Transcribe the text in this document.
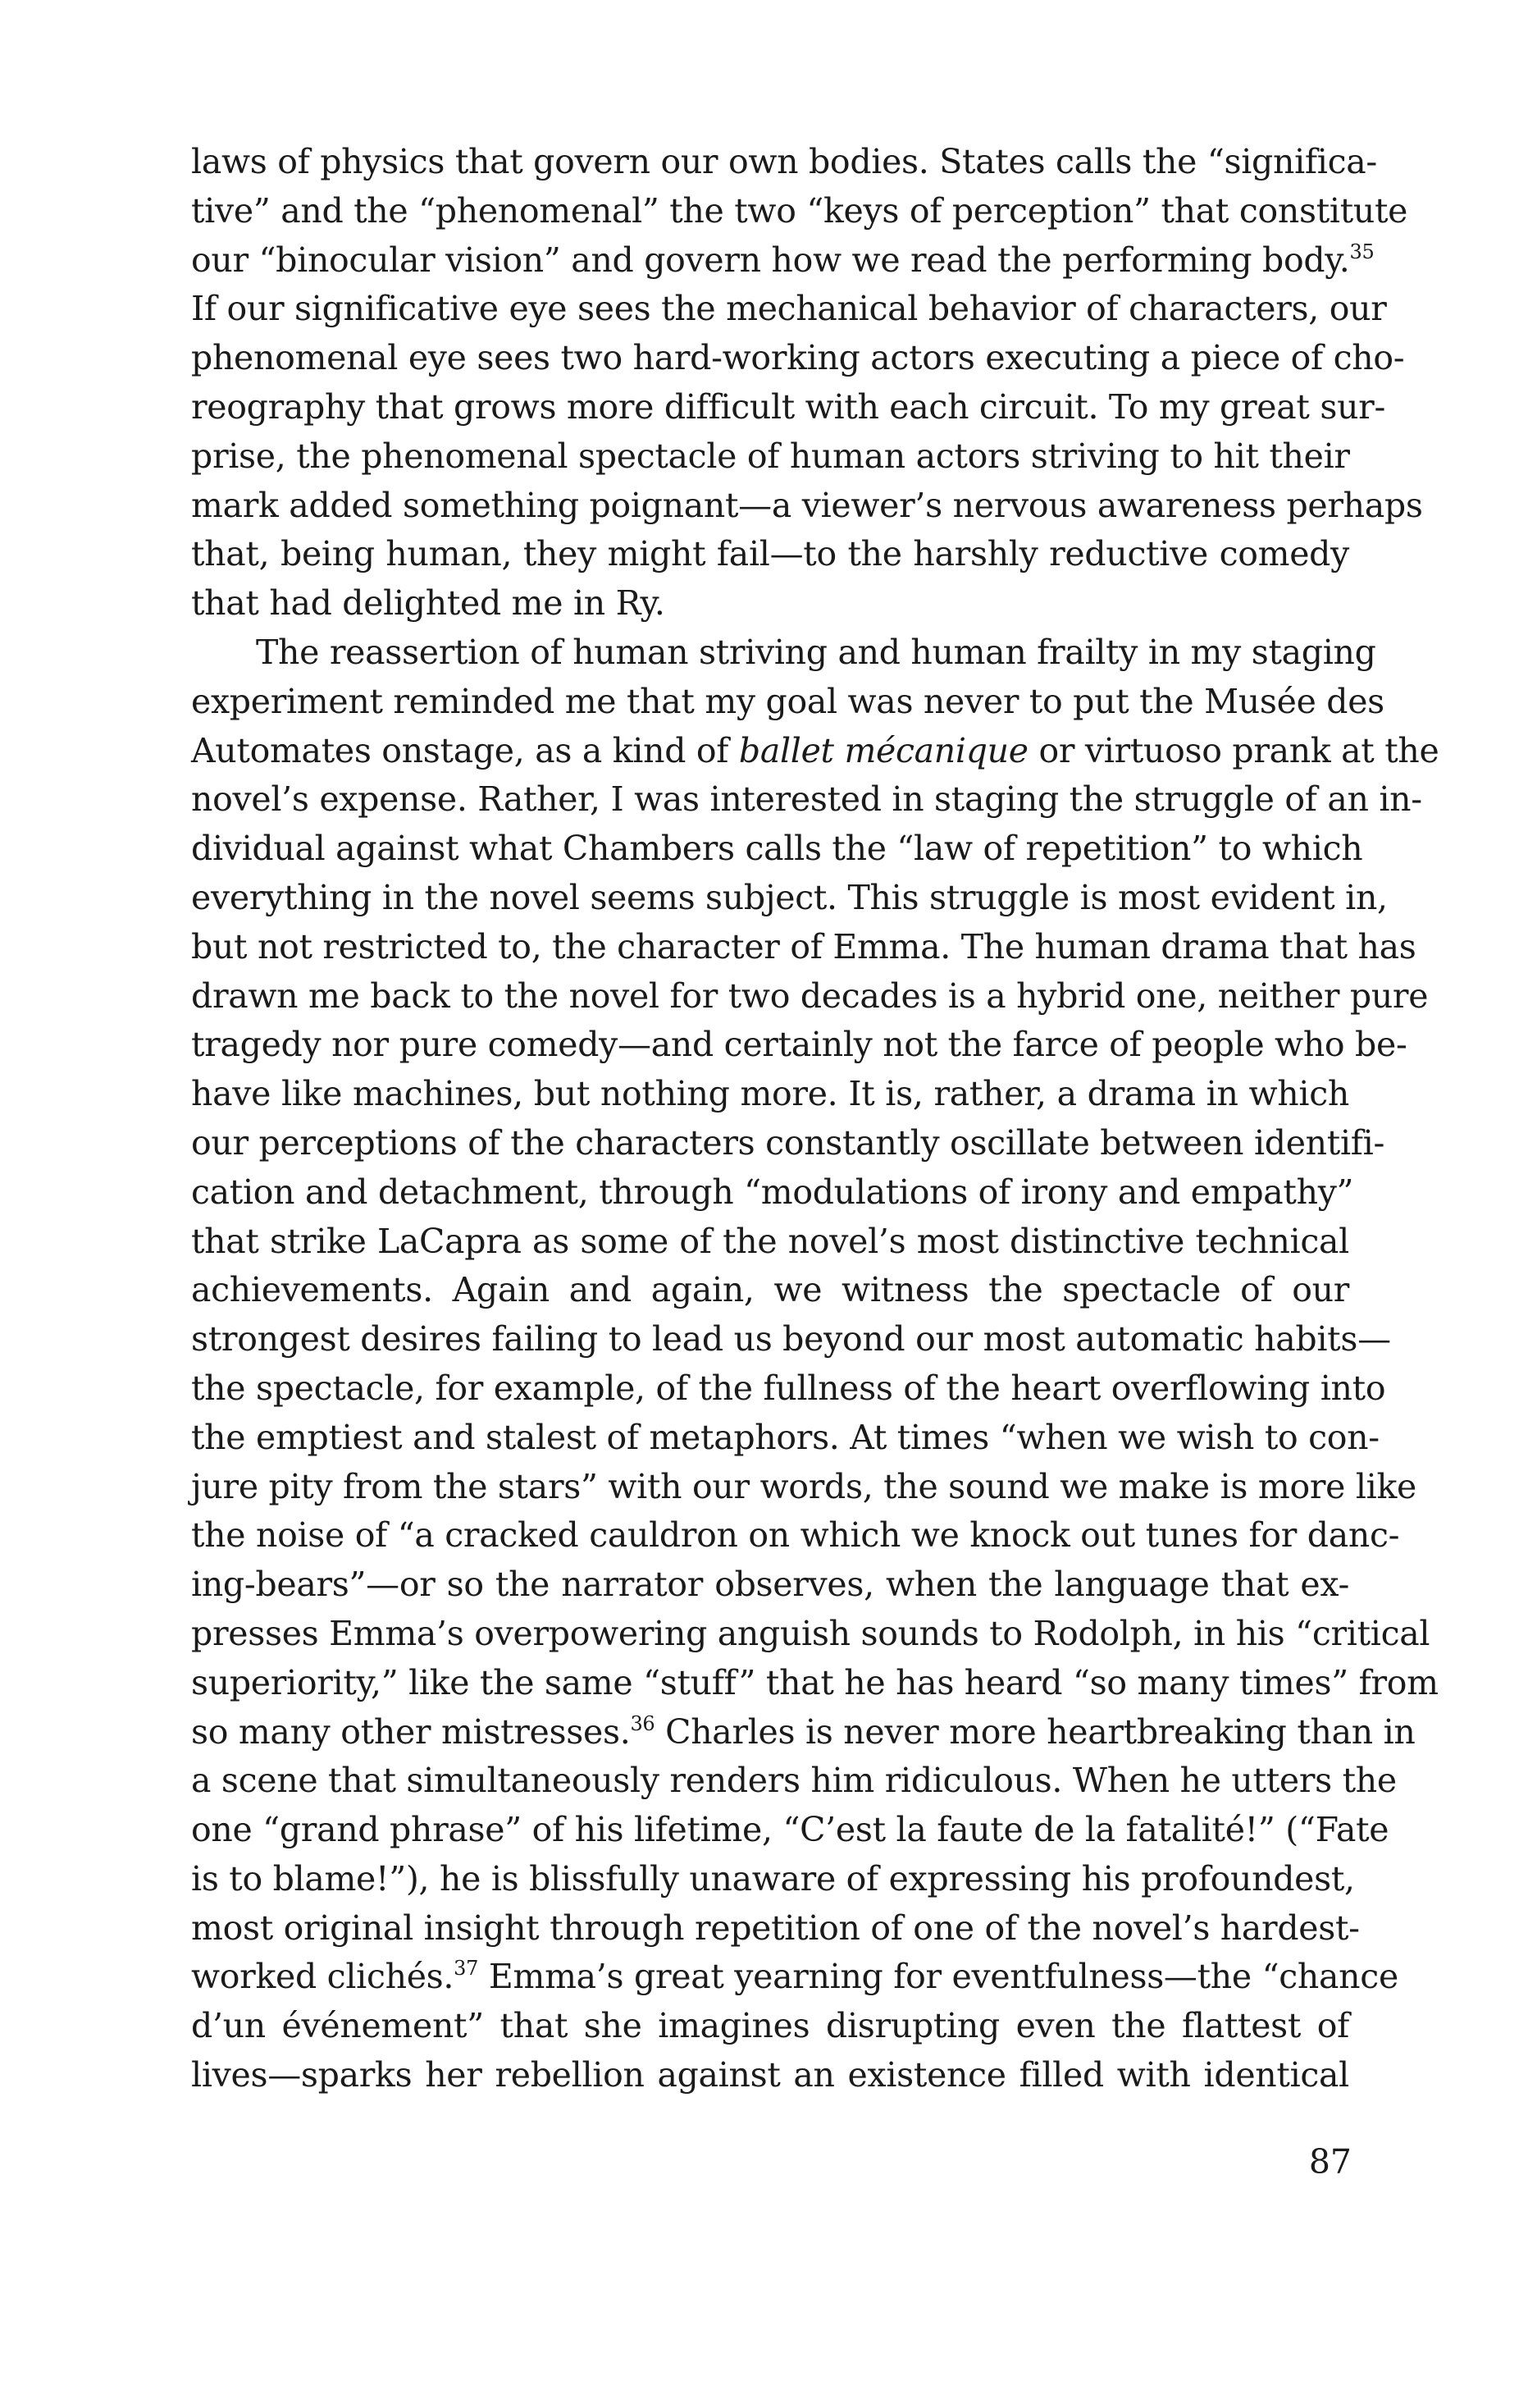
laws of physics that govern our own bodies. States calls the “significa-
tive” and the “phenomenal” the two “keys of perception” that constitute
our “binocular vision” and govern how we read the performing body.$^{35}$
If our significative eye sees the mechanical behavior of characters, our
phenomenal eye sees two hard-working actors executing a piece of cho-
reography that grows more difficult with each circuit. To my great sur-
prise, the phenomenal spectacle of human actors striving to hit their
mark added something poignant—a viewer’s nervous awareness perhaps
that, being human, they might fail—to the harshly reductive comedy
that had delighted me in Ry.
The reassertion of human striving and human frailty in my staging
experiment reminded me that my goal was never to put the Musée des
Automates onstage, as a kind of ballet mécanique or virtuoso prank at the
novel’s expense. Rather, I was interested in staging the struggle of an in-
dividual against what Chambers calls the “law of repetition” to which
everything in the novel seems subject. This struggle is most evident in,
but not restricted to, the character of Emma. The human drama that has
drawn me back to the novel for two decades is a hybrid one, neither pure
tragedy nor pure comedy—and certainly not the farce of people who be-
have like machines, but nothing more. It is, rather, a drama in which
our perceptions of the characters constantly oscillate between identifi-
cation and detachment, through “modulations of irony and empathy”
that strike LaCapra as some of the novel’s most distinctive technical
achievements. Again and again, we witness the spectacle of our
strongest desires failing to lead us beyond our most automatic habits—
the spectacle, for example, of the fullness of the heart overflowing into
the emptiest and stalest of metaphors. At times “when we wish to con-
jure pity from the stars” with our words, the sound we make is more like
the noise of “a cracked cauldron on which we knock out tunes for danc-
ing-bears”—or so the narrator observes, when the language that ex-
presses Emma’s overpowering anguish sounds to Rodolph, in his “critical
superiority,” like the same “stuff” that he has heard “so many times” from
so many other mistresses.$^{36}$ Charles is never more heartbreaking than in
a scene that simultaneously renders him ridiculous. When he utters the
one “grand phrase” of his lifetime, “C’est la faute de la fatalité!” (“Fate
is to blame!”), he is blissfully unaware of expressing his profoundest,
most original insight through repetition of one of the novel’s hardest-
worked clichés.$^{37}$ Emma’s great yearning for eventfulness—the “chance
d’un événement” that she imagines disrupting even the flattest of
lives—sparks her rebellion against an existence filled with identical
87
